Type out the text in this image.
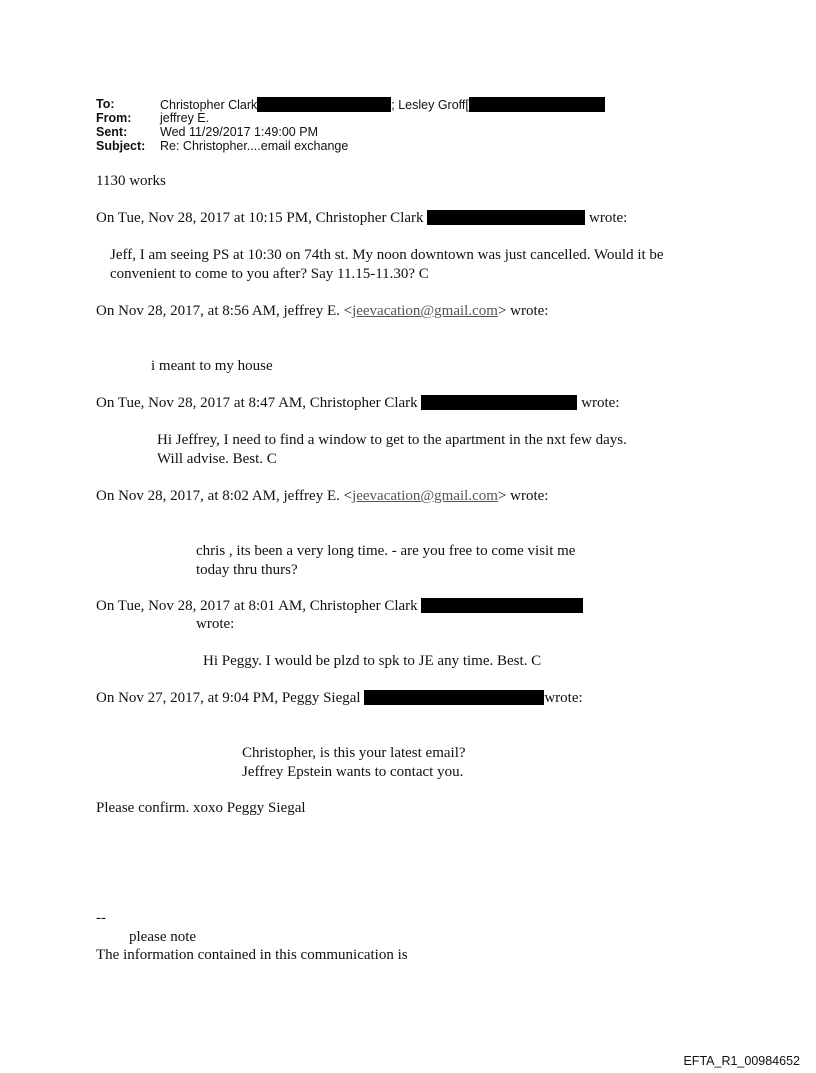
To:	Christopher Clark	; Lesley Groff[
From: jeffrey E.
Sent:	Wed 11/29/2017 1:49:00 PM
Subject: Re: Christopher....email exchange
1130 works
On Tue, Nov 28, 2017 at 10:15 PM, Christopher Clark	wrote:
Jeff, I am seeing PS at 10:30 on 74th st. My noon downtown was just cancelled. Would it be
convenient to come to you after? Say 11.15-11.30? C
On Nov 28, 2017, at 8:56 AM, jeffrey E. <jeevacation@gmail.com> wrote:
i meant to my house
On Tue, Nov 28, 2017 at 8:47 AM, Christopher Clark	wrote:
Hi Jeffrey, I need to find a window to get to the apartment in the nxt few days.
Will advise. Best. C
On Nov 28, 2017, at 8:02 AM, jeffrey E. <jeevacation@gmail.com> wrote:
chris , its been a very long time. - are you free to come visit me
today thru thurs?
On Tue, Nov 28, 2017 at 8:01 AM, Christopher Clark
wrote:
Hi Peggy. I would be plzd to spk to JE any time. Best. C
On Nov 27, 2017, at 9:04 PM, Peggy Siegal	wrote:
Christopher, is this your latest email?
Jeffrey Epstein wants to contact you.
Please confirm. xoxo Peggy Siegal
--
please note
The information contained in this communication is
EFTA_R1_00984652
